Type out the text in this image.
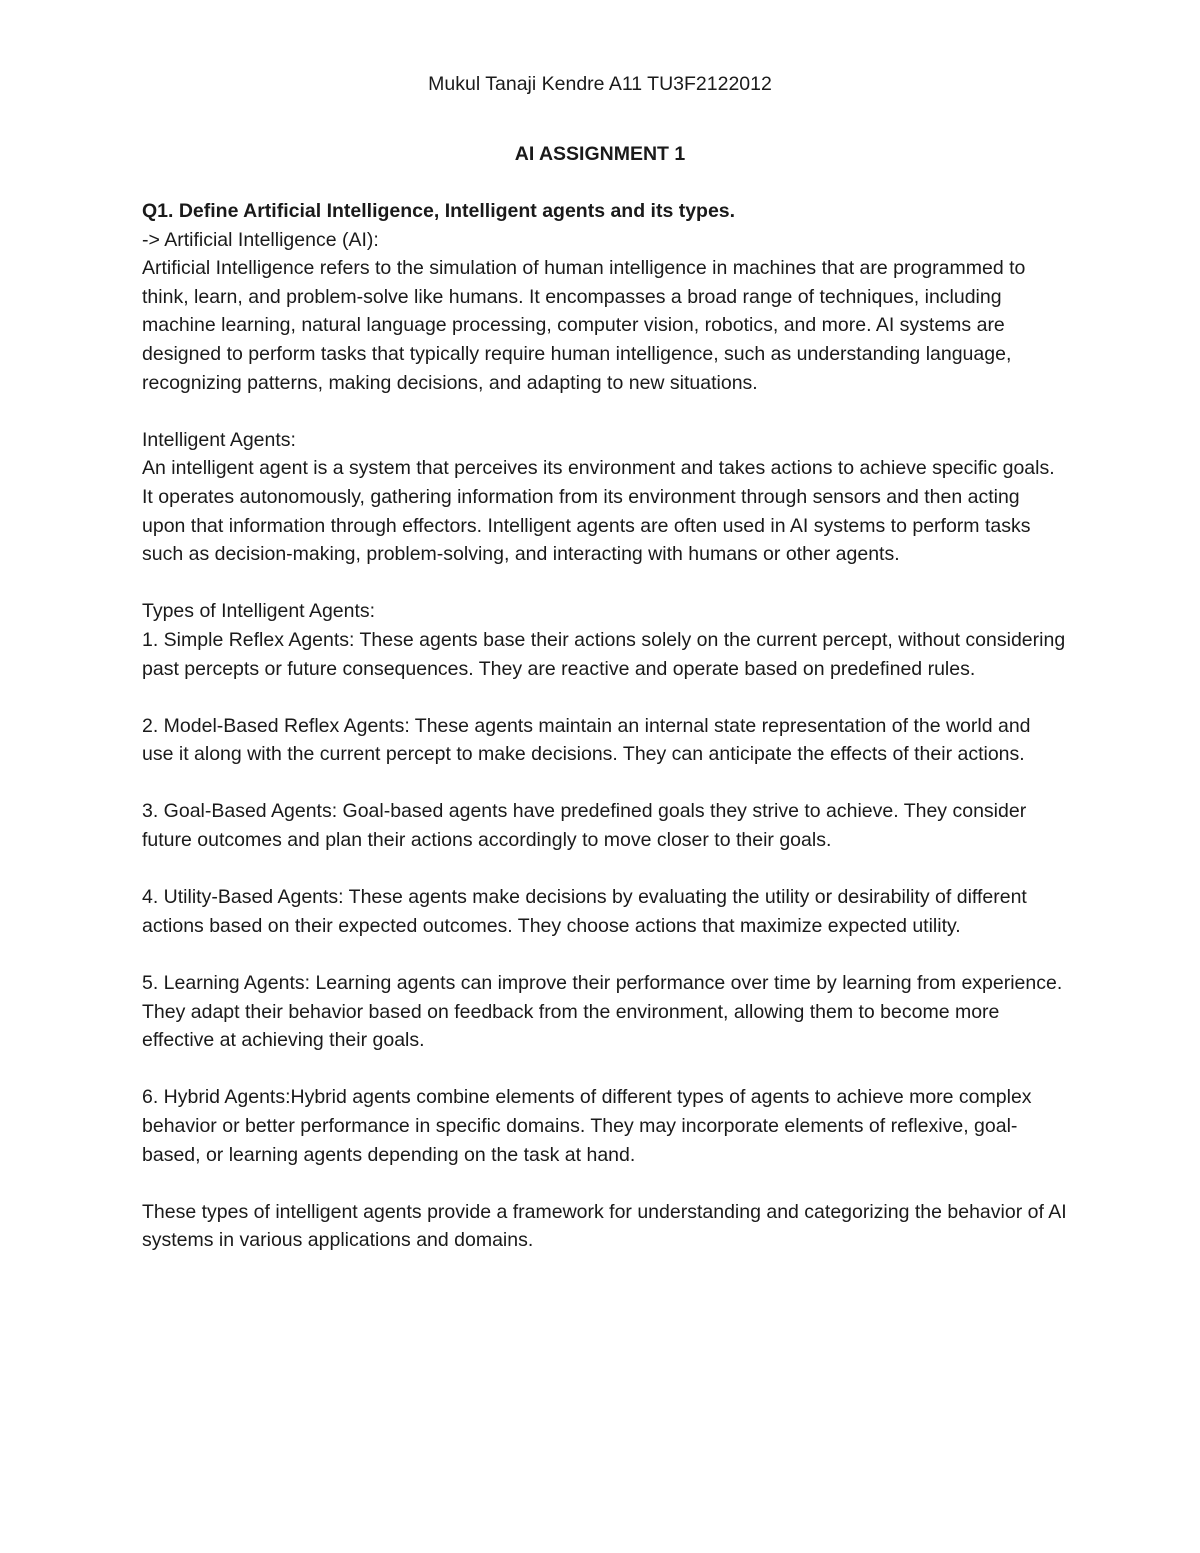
Mukul Tanaji Kendre A11 TU3F2122012
AI ASSIGNMENT 1

Q1. Define Artificial Intelligence, Intelligent agents and its types.

-> Artificial Intelligence (AI):

Artificial Intelligence refers to the simulation of human intelligence in machines that are programmed to think, learn, and problem-solve like humans. It encompasses a broad range of techniques, including machine learning, natural language processing, computer vision, robotics, and more. AI systems are designed to perform tasks that typically require human intelligence, such as understanding language, recognizing patterns, making decisions, and adapting to new situations.

Intelligent Agents:

An intelligent agent is a system that perceives its environment and takes actions to achieve specific goals. It operates autonomously, gathering information from its environment through sensors and then acting upon that information through effectors. Intelligent agents are often used in AI systems to perform tasks such as decision-making, problem-solving, and interacting with humans or other agents.

Types of Intelligent Agents:

1. Simple Reflex Agents: These agents base their actions solely on the current percept, without considering past percepts or future consequences. They are reactive and operate based on predefined rules.

2. Model-Based Reflex Agents: These agents maintain an internal state representation of the world and use it along with the current percept to make decisions. They can anticipate the effects of their actions.

3. Goal-Based Agents: Goal-based agents have predefined goals they strive to achieve. They consider future outcomes and plan their actions accordingly to move closer to their goals.

4. Utility-Based Agents: These agents make decisions by evaluating the utility or desirability of different actions based on their expected outcomes. They choose actions that maximize expected utility.

5. Learning Agents: Learning agents can improve their performance over time by learning from experience. They adapt their behavior based on feedback from the environment, allowing them to become more effective at achieving their goals.

6. Hybrid Agents:Hybrid agents combine elements of different types of agents to achieve more complex behavior or better performance in specific domains. They may incorporate elements of reflexive, goal-based, or learning agents depending on the task at hand.

These types of intelligent agents provide a framework for understanding and categorizing the behavior of AI systems in various applications and domains.
